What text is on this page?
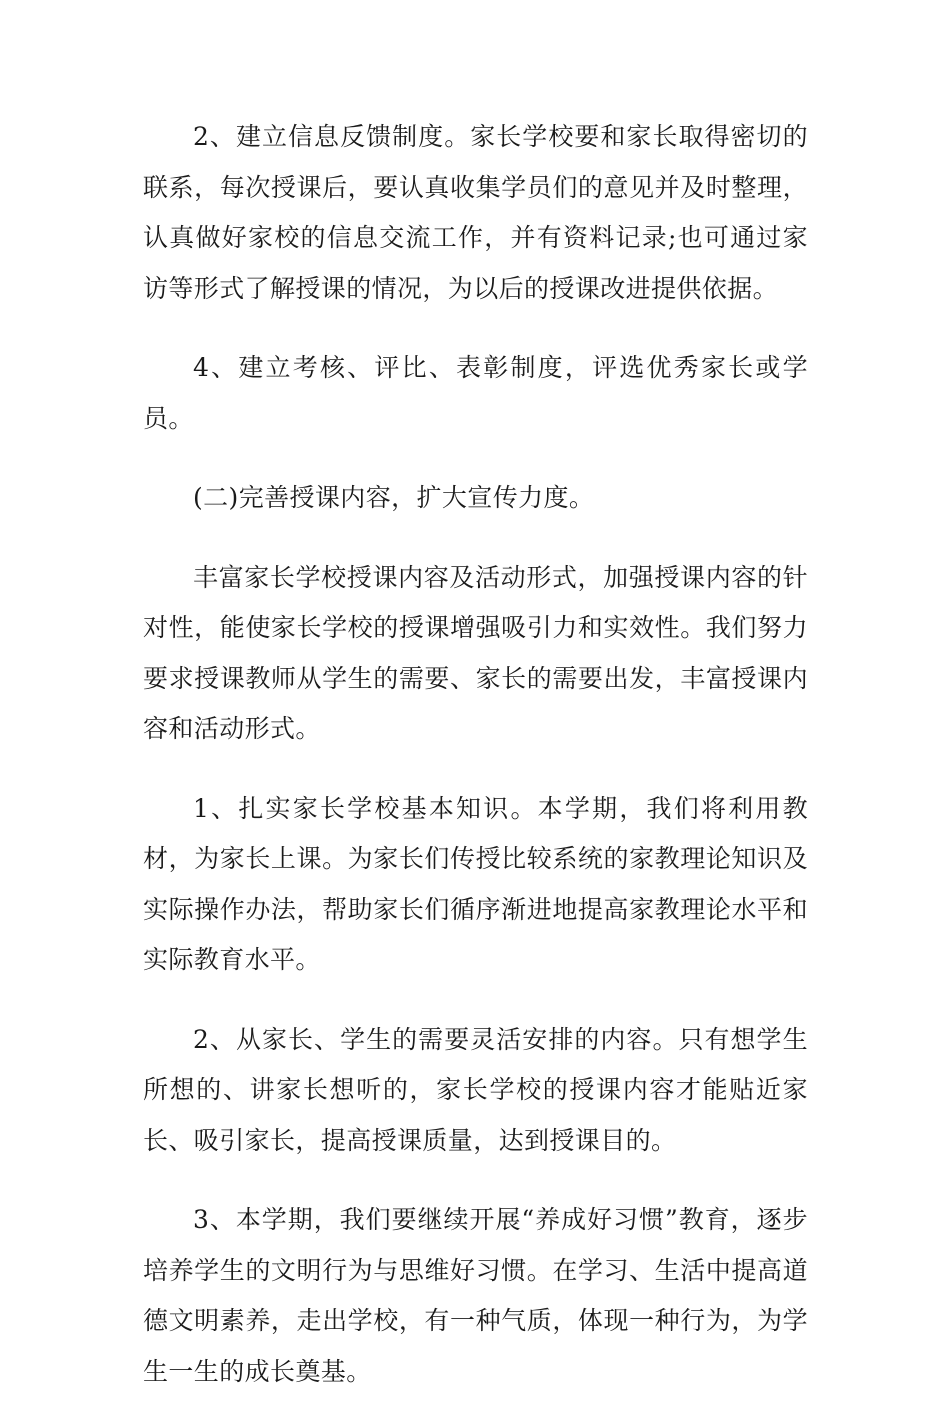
2、建立信息反馈制度。家长学校要和家长取得密切的联系，每次授课后，要认真收集学员们的意见并及时整理，认真做好家校的信息交流工作，并有资料记录;也可通过家访等形式了解授课的情况，为以后的授课改进提供依据。

4、建立考核、评比、表彰制度，评选优秀家长或学员。

(二)完善授课内容，扩大宣传力度。

丰富家长学校授课内容及活动形式，加强授课内容的针对性，能使家长学校的授课增强吸引力和实效性。我们努力要求授课教师从学生的需要、家长的需要出发，丰富授课内容和活动形式。

1、扎实家长学校基本知识。本学期，我们将利用教材，为家长上课。为家长们传授比较系统的家教理论知识及实际操作办法，帮助家长们循序渐进地提高家教理论水平和实际教育水平。

2、从家长、学生的需要灵活安排的内容。只有想学生所想的、讲家长想听的，家长学校的授课内容才能贴近家长、吸引家长，提高授课质量，达到授课目的。

3、本学期，我们要继续开展“养成好习惯”教育，逐步培养学生的文明行为与思维好习惯。在学习、生活中提高道德文明素养，走出学校，有一种气质，体现一种行为，为学生一生的成长奠基。
